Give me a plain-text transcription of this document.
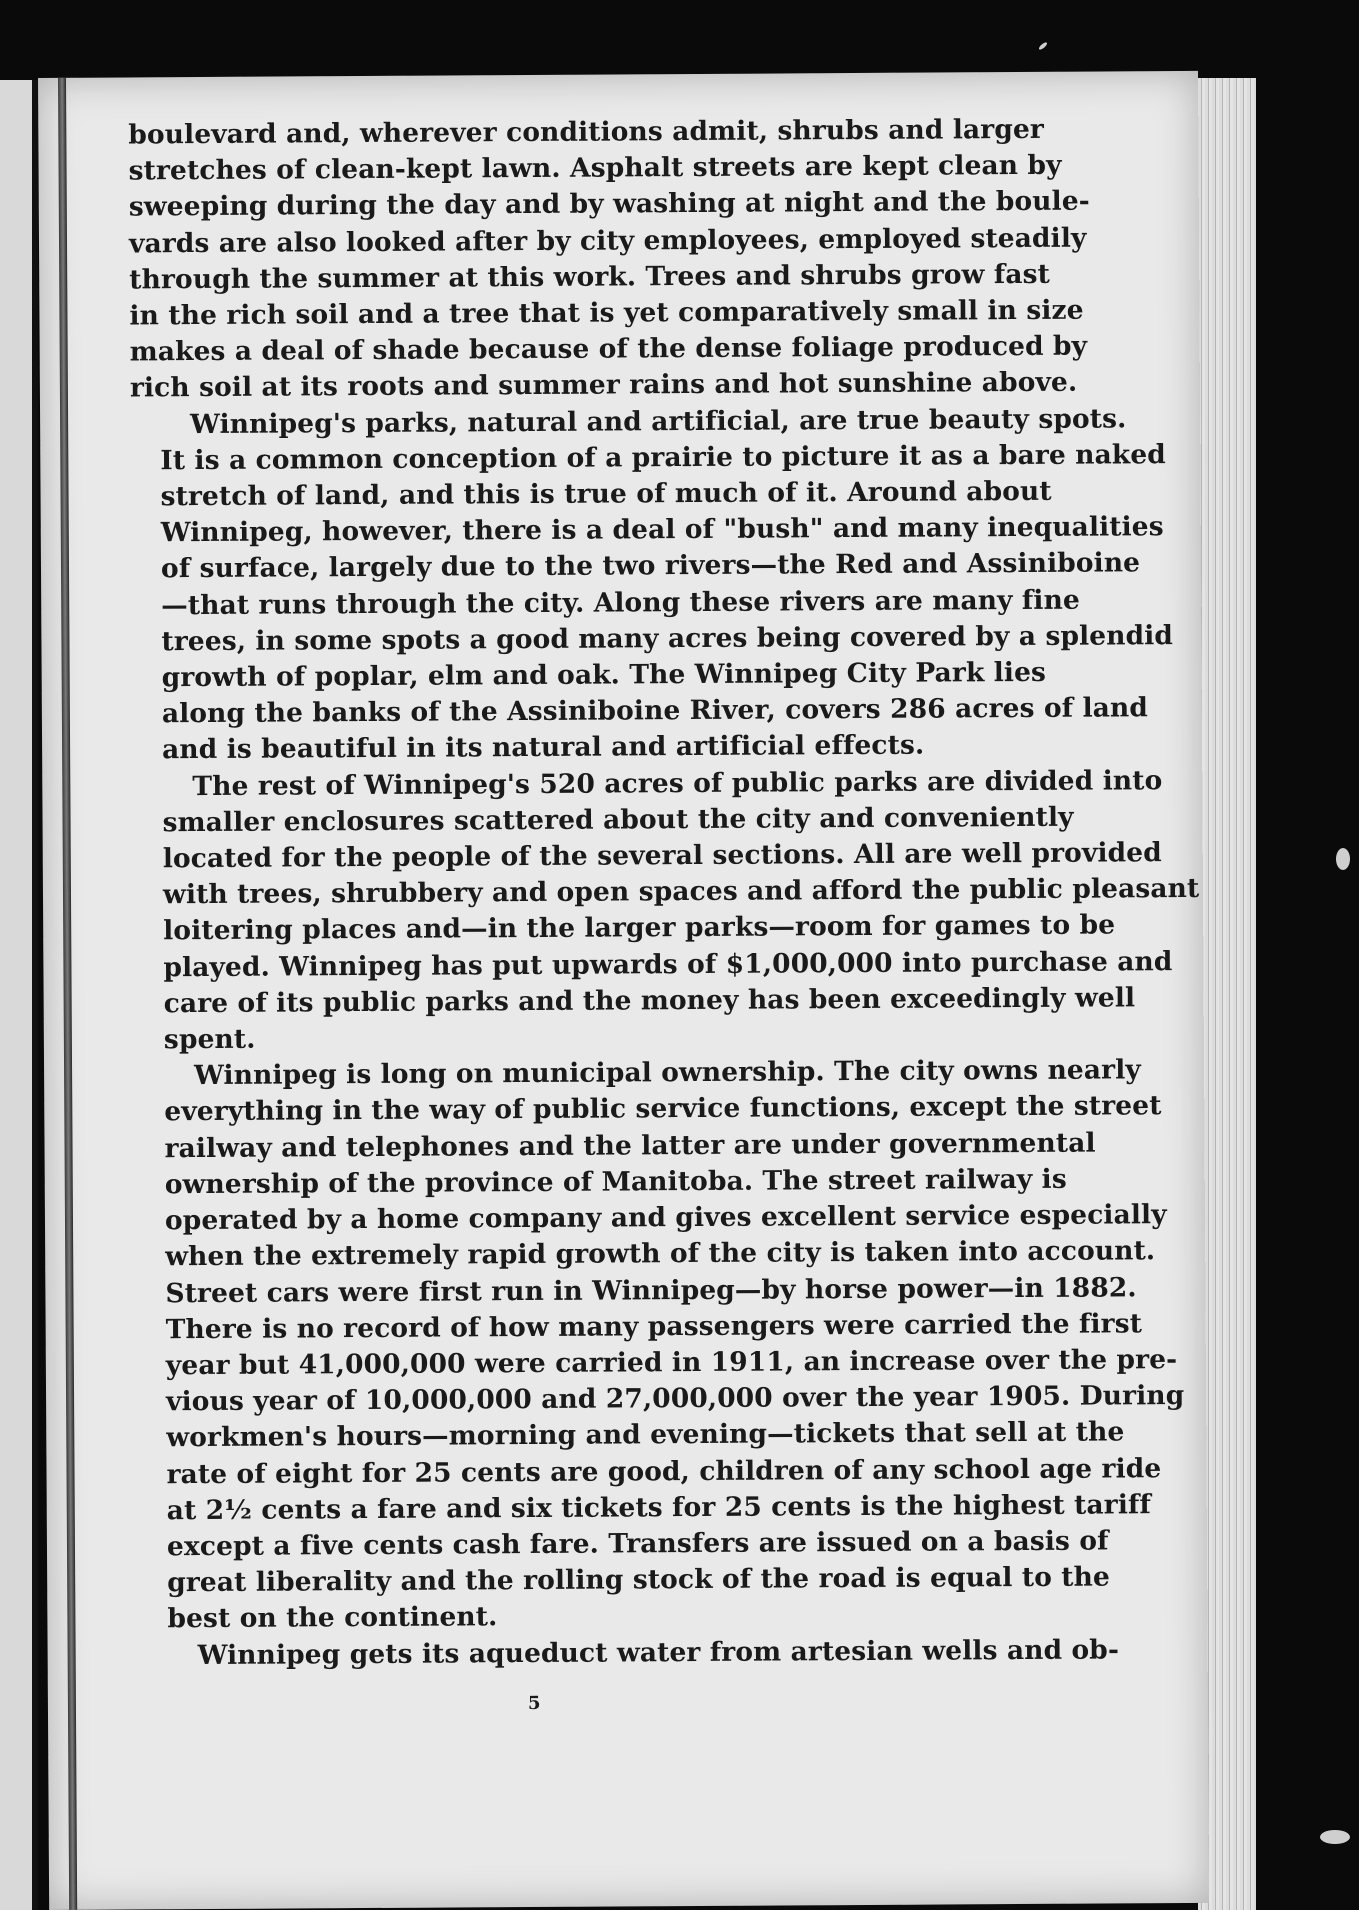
boulevard and, wherever conditions admit, shrubs and larger
stretches of clean-kept lawn. Asphalt streets are kept clean by
sweeping during the day and by washing at night and the boule-
vards are also looked after by city employees, employed steadily
through the summer at this work. Trees and shrubs grow fast
in the rich soil and a tree that is yet comparatively small in size
makes a deal of shade because of the dense foliage produced by
rich soil at its roots and summer rains and hot sunshine above.
Winnipeg's parks, natural and artificial, are true beauty spots.
It is a common conception of a prairie to picture it as a bare naked
stretch of land, and this is true of much of it. Around about
Winnipeg, however, there is a deal of "bush" and many inequalities
of surface, largely due to the two rivers—the Red and Assiniboine
—that runs through the city. Along these rivers are many fine
trees, in some spots a good many acres being covered by a splendid
growth of poplar, elm and oak. The Winnipeg City Park lies
along the banks of the Assiniboine River, covers 286 acres of land
and is beautiful in its natural and artificial effects.
The rest of Winnipeg's 520 acres of public parks are divided into
smaller enclosures scattered about the city and conveniently
located for the people of the several sections. All are well provided
with trees, shrubbery and open spaces and afford the public pleasant
loitering places and—in the larger parks—room for games to be
played. Winnipeg has put upwards of $1,000,000 into purchase and
care of its public parks and the money has been exceedingly well
spent.
Winnipeg is long on municipal ownership. The city owns nearly
everything in the way of public service functions, except the street
railway and telephones and the latter are under governmental
ownership of the province of Manitoba. The street railway is
operated by a home company and gives excellent service especially
when the extremely rapid growth of the city is taken into account.
Street cars were first run in Winnipeg—by horse power—in 1882.
There is no record of how many passengers were carried the first
year but 41,000,000 were carried in 1911, an increase over the pre-
vious year of 10,000,000 and 27,000,000 over the year 1905. During
workmen's hours—morning and evening—tickets that sell at the
rate of eight for 25 cents are good, children of any school age ride
at 2½ cents a fare and six tickets for 25 cents is the highest tariff
except a five cents cash fare. Transfers are issued on a basis of
great liberality and the rolling stock of the road is equal to the
best on the continent.
Winnipeg gets its aqueduct water from artesian wells and ob-
5
